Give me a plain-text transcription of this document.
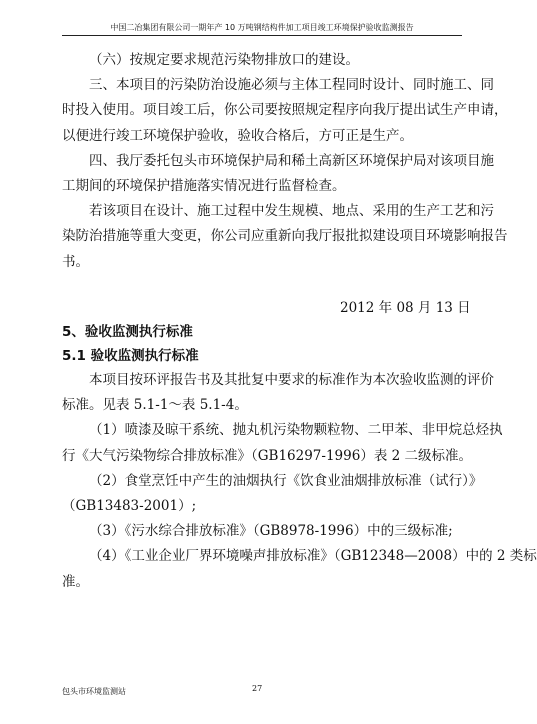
中国二冶集团有限公司一期年产 10 万吨钢结构件加工项目竣工环境保护验收监测报告

（六）按规定要求规范污染物排放口的建设。

三、本项目的污染防治设施必须与主体工程同时设计、同时施工、同

时投入使用。项目竣工后，你公司要按照规定程序向我厅提出试生产申请，

以便进行竣工环境保护验收，验收合格后，方可正是生产。

四、我厅委托包头市环境保护局和稀土高新区环境保护局对该项目施

工期间的环境保护措施落实情况进行监督检查。

若该项目在设计、施工过程中发生规模、地点、采用的生产工艺和污

染防治措施等重大变更，你公司应重新向我厅报批拟建设项目环境影响报告

书。

2012 年 08 月 13 日
5、验收监测执行标准
5.1 验收监测执行标准

本项目按环评报告书及其批复中要求的标准作为本次验收监测的评价

标准。见表 5.1-1～表 5.1-4。

（1）喷漆及晾干系统、抛丸机污染物颗粒物、二甲苯、非甲烷总烃执

行《大气污染物综合排放标准》（GB16297-1996）表 2 二级标准。

（2）食堂烹饪中产生的油烟执行《饮食业油烟排放标准（试行）》

（GB13483-2001）;

（3）《污水综合排放标准》（GB8978-1996）中的三级标准;

（4）《工业企业厂界环境噪声排放标准》（GB12348—2008）中的 2 类标

准。

包头市环境监测站	27
